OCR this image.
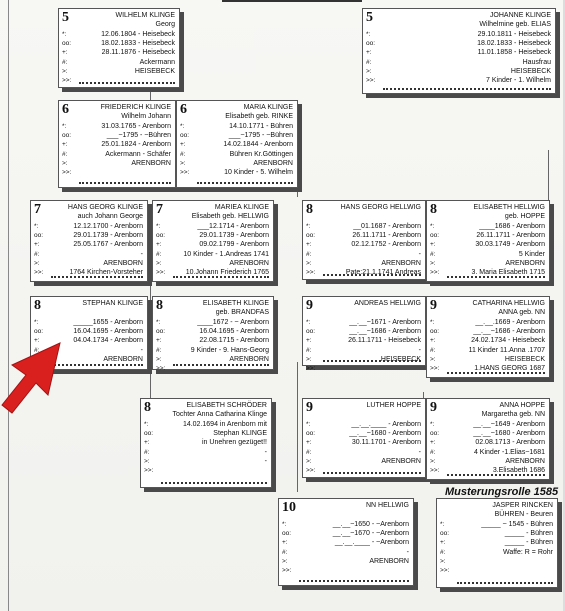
5	WILHELM KLINGE
Georg
*:	12.06.1804 - Heisebeck
oo:	18.02.1833 - Heisebeck
+:	28.11.1876 - Heisebeck
#:	Ackermann
>:	HEISEBECK
>>:
5	JOHANNE KLINGE
Wilhelmine geb. ELIAS
*:	29.10.1811 - Heisebeck
oo:	18.02.1833 - Heisebeck
+:	11.01.1858 - Heisebeck
#:	Hausfrau
>:	HEISEBECK
>>:	7 Kinder - 1. Wilhelm
6	FRIEDERICH KLINGE
Wilhelm Johann
*:	31.03.1765 - Arenborn
oo:	___~1795 - ~Bühren
+:	25.01.1824 - Arenborn
#:	Ackermann - Schäfer
>:	ARENBORN
>>:
6	MARIA KLINGE
Elisabeth geb. RINKE
*:	14.10.1771 - Bühren
oo:	___~1795 - ~Bühren
+:	14.02.1844 - Arenborn
#:	Bühren Kr.Göttingen
>:	ARENBORN
>>:	10 Kinder - 5. Wilhelm
7	HANS GEORG KLINGE
auch Johann George
*:	12.12.1700 - Arenborn
oo:	29.01.1739 - Arenborn
+:	25.05.1767 - Arenborn
#:	-
>:	ARENBORN
>>:	1764 Kirchen-Vorsteher
7	MARIEA KLINGE
Elisabeth geb. HELLWIG
*:	___12.1714 - Arenborn
oo:	29.01.1739 - Arenborn
+:	09.02.1799 - Arenborn
#:	10 Kinder - 1.Andreas 1741
>:	ARENBORN
>>:	10.Johann Friederich 1765
8	HANS GEORG HELLWIG
*:	__01.1687 - Arenborn
oo:	26.11.1711 - Arenborn
+:	02.12.1752 - Arenborn
#:	-
>:	ARENBORN
>>:	Pate:21.1.1741 Andreas
8	ELISABETH HELLWIG
geb. HOPPE
*:	____1686 - Arenborn
oo:	26.11.1711 - Arenborn
+:	30.03.1749 - Arenborn
#:	5 Kinder
>:	ARENBORN
>>:	3. Maria Elisabeth 1715
8	STEPHAN KLINGE
*:	_____1655 - Arenborn
oo:	16.04.1695 - Arenborn
+:	04.04.1734 - Arenborn
#:	-
ARENBORN
8	ELISABETH KLINGE
geb. BRANDFAS
*:	____1672 - ~ Arenborn
oo:	16.04.1695 - Arenborn
+:	22.08.1715 - Arenborn
#:	9 Kinder - 9. Hans-Georg
>:	ARENBORN
>>:
9	ANDREAS HELLWIG
*:	__.__~1671 - Arenborn
oo:	__.__~1686 - Arenborn
+:	26.11.1711 - Heisebeck
#:	-
>:	HEISEBECK
>>:
9	CATHARINA HELLWIG
ANNA geb. NN
*:	__.__.1669 - Arenborn
oo:	__.__~1686 - Arenborn
+:	24.02.1734 - Heisebeck
#:	11 Kinder 11.Anna .1707
>:	HEISEBECK
>>:	1.HANS GEORG 1687
8	ELISABETH SCHRÖDER
Tochter Anna Catharina Klinge
*:	14.02.1694 in Arenborn mit
oo:	Stephan KLINGE
+:	in Unehren gezüget!!
#:	-
>:	-
>>:
9	LUTHER HOPPE
*:	__.__.____ - Arenborn
oo:	__.__~1680 - Arenborn
+:	30.11.1701 - Arenborn
#:	-
>:	ARENBORN
>>:
9	ANNA HOPPE
Margaretha geb. NN
*:	__.__~1649 - Arenborn
oo:	__.__~1680 - Arenborn
+:	02.08.1713 - Arenborn
#:	4 Kinder -1.Elias~1681
>:	ARENBORN
>>:	3.Elisabeth 1686
10	NN HELLWIG
*:	__.__~1650 - ~Arenborn
oo:	__.__~1670 - ~Arenborn
+:	__.__.____ - ~Arenborn
#:	-
>:	ARENBORN
>>:
JASPER RINCKEN
BÜHREN - Beuren
*:	_____ ~ 1545 - Bühren
oo:	_____ - Bühren
+:	_____ - Bühren
#:	Waffe: R = Rohr
>:
>>:
Musterungsrolle 1585
